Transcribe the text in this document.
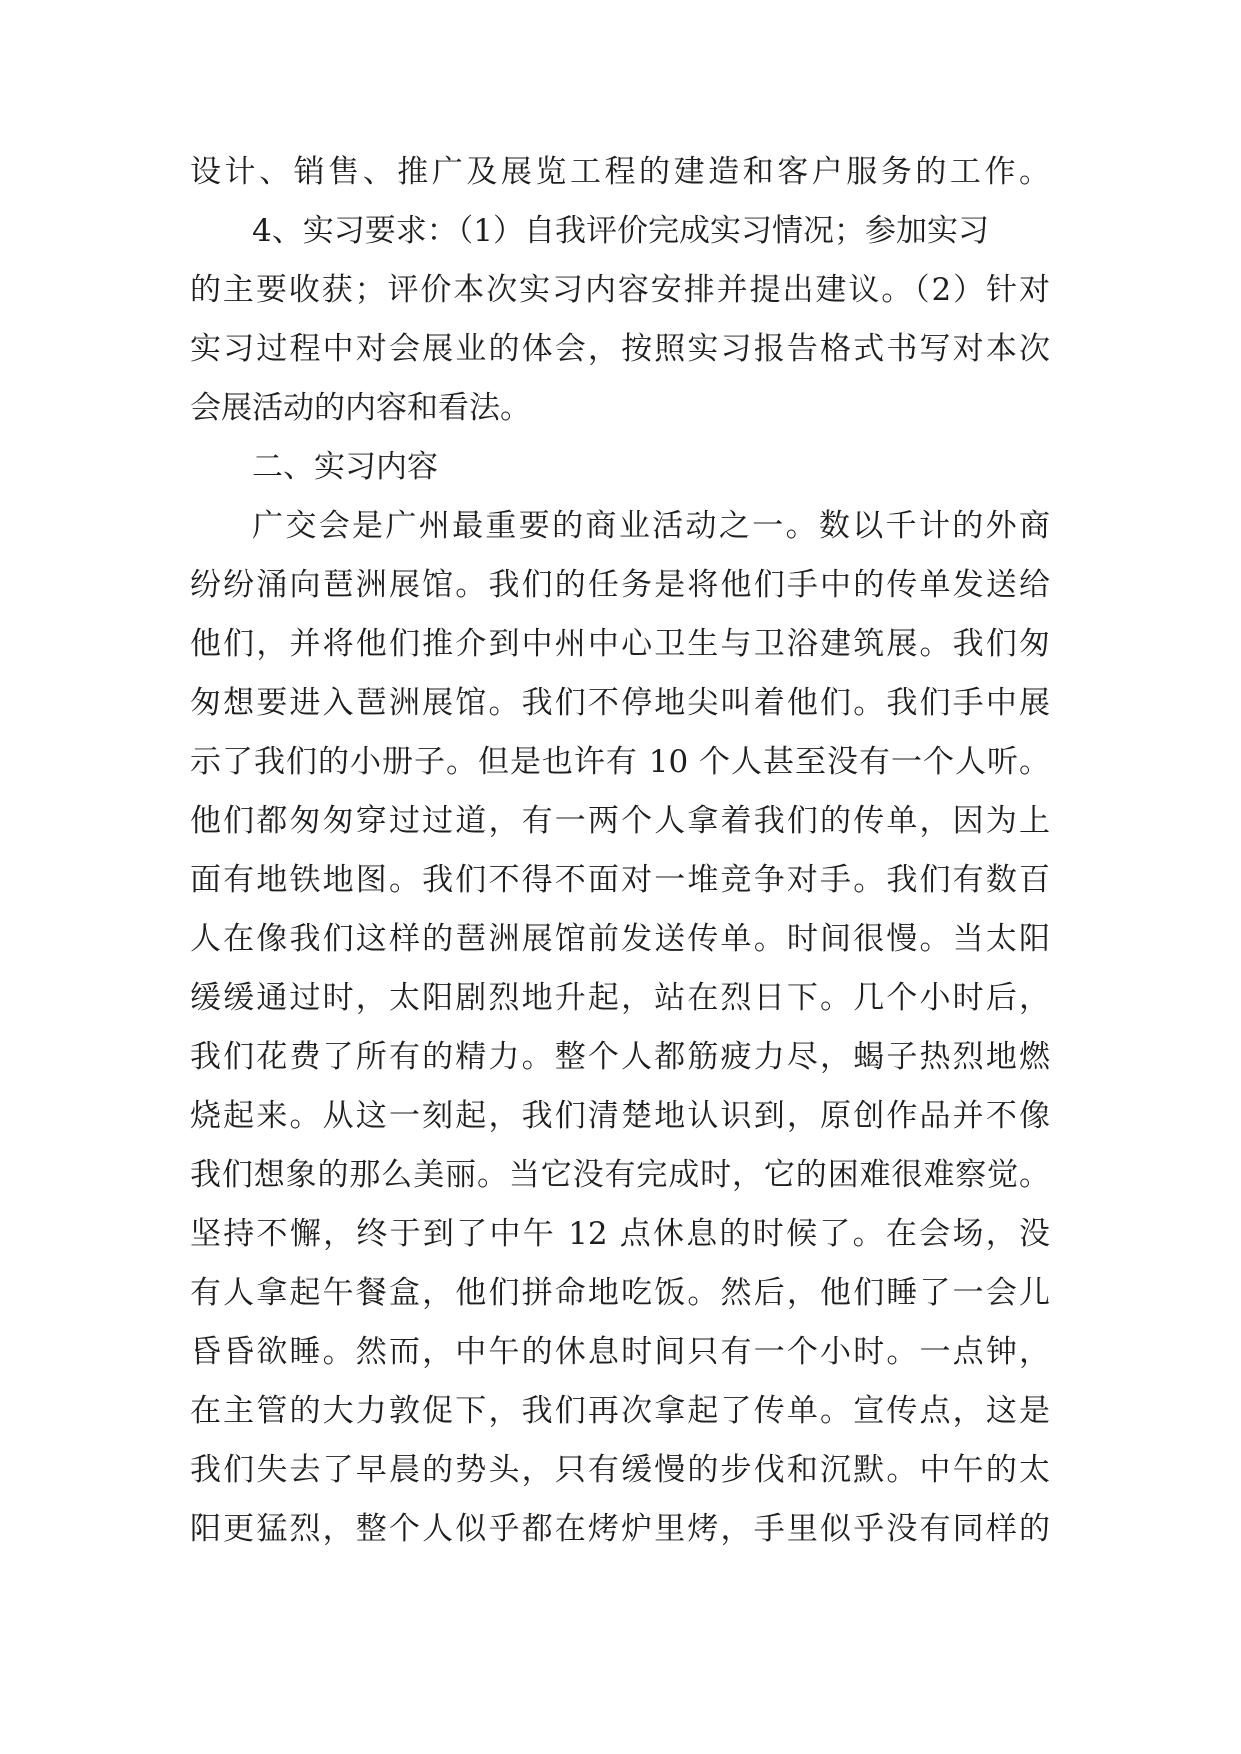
设计、销售、推广及展览工程的建造和客户服务的工作。
4、实习要求：（1）自我评价完成实习情况；参加实习
的主要收获；评价本次实习内容安排并提出建议。（2）针对
实习过程中对会展业的体会，按照实习报告格式书写对本次
会展活动的内容和看法。
二、实习内容
广交会是广州最重要的商业活动之一。数以千计的外商
纷纷涌向琶洲展馆。我们的任务是将他们手中的传单发送给
他们，并将他们推介到中州中心卫生与卫浴建筑展。我们匆
匆想要进入琶洲展馆。我们不停地尖叫着他们。我们手中展
示了我们的小册子。但是也许有 10 个人甚至没有一个人听。
他们都匆匆穿过过道，有一两个人拿着我们的传单，因为上
面有地铁地图。我们不得不面对一堆竞争对手。我们有数百
人在像我们这样的琶洲展馆前发送传单。时间很慢。当太阳
缓缓通过时，太阳剧烈地升起，站在烈日下。几个小时后，
我们花费了所有的精力。整个人都筋疲力尽，蝎子热烈地燃
烧起来。从这一刻起，我们清楚地认识到，原创作品并不像
我们想象的那么美丽。当它没有完成时，它的困难很难察觉。
坚持不懈，终于到了中午 12 点休息的时候了。在会场，没
有人拿起午餐盒，他们拼命地吃饭。然后，他们睡了一会儿
昏昏欲睡。然而，中午的休息时间只有一个小时。一点钟，
在主管的大力敦促下，我们再次拿起了传单。宣传点，这是
我们失去了早晨的势头，只有缓慢的步伐和沉默。中午的太
阳更猛烈，整个人似乎都在烤炉里烤，手里似乎没有同样的
